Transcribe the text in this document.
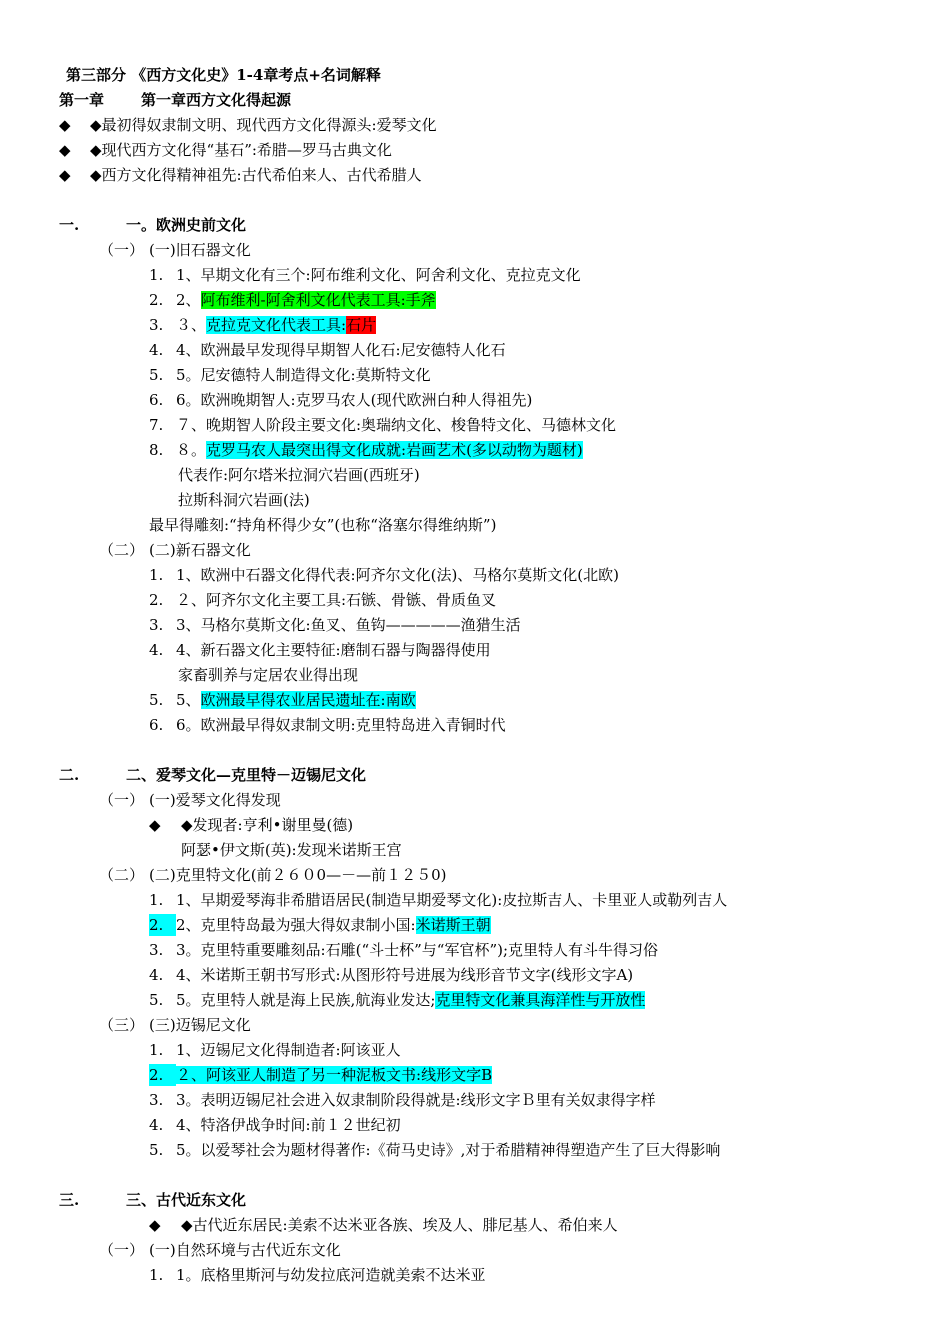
第三部分 《西方文化史》1-4章考点+名词解释
第一章 第一章西方文化得起源
◆ ◆最初得奴隶制文明、现代西方文化得源头:爱琴文化
◆ ◆现代西方文化得“基石”:希腊—罗马古典文化
◆ ◆西方文化得精神祖先:古代希伯来人、古代希腊人
一.	一。欧洲史前文化
（一） (一)旧石器文化
1. 1、早期文化有三个:阿布维利文化、阿舍利文化、克拉克文化
2. 2、阿布维利-阿舍利文化代表工具:手斧
3. ３、克拉克文化代表工具:石片
4. 4、欧洲最早发现得早期智人化石:尼安德特人化石
5. 5。尼安德特人制造得文化:莫斯特文化
6. 6。欧洲晚期智人:克罗马农人(现代欧洲白种人得祖先)
7. ７、晚期智人阶段主要文化:奥瑞纳文化、梭鲁特文化、马德林文化
8. ８。克罗马农人最突出得文化成就:岩画艺术(多以动物为题材)
代表作:阿尔塔米拉洞穴岩画(西班牙)
拉斯科洞穴岩画(法)
最早得雕刻:“持角杯得少女”(也称“洛塞尔得维纳斯”)
（二） (二)新石器文化
1. 1、欧洲中石器文化得代表:阿齐尔文化(法)、马格尔莫斯文化(北欧)
2. ２、阿齐尔文化主要工具:石镞、骨镞、骨质鱼叉
3. 3、马格尔莫斯文化:鱼叉、鱼钩—————渔猎生活
4. 4、新石器文化主要特征:磨制石器与陶器得使用
家畜驯养与定居农业得出现
5. 5、欧洲最早得农业居民遗址在:南欧
6. 6。欧洲最早得奴隶制文明:克里特岛进入青铜时代
二.	二、爱琴文化—克里特－迈锡尼文化
（一） (一)爱琴文化得发现
◆ ◆发现者:亨利•谢里曼(德)
阿瑟•伊文斯(英):发现米诺斯王宫
（二） (二)克里特文化(前２６０0—－—前１２５0)
1. 1、早期爱琴海非希腊语居民(制造早期爱琴文化):皮拉斯吉人、卡里亚人或勒列吉人
2. 2、克里特岛最为强大得奴隶制小国:米诺斯王朝
3. 3。克里特重要雕刻品:石雕(“斗士杯”与“军官杯”);克里特人有斗牛得习俗
4. 4、米诺斯王朝书写形式:从图形符号进展为线形音节文字(线形文字A)
5. 5。克里特人就是海上民族,航海业发达;克里特文化兼具海洋性与开放性
（三） (三)迈锡尼文化
1. 1、迈锡尼文化得制造者:阿该亚人
2. ２、阿该亚人制造了另一种泥板文书:线形文字B
3. 3。表明迈锡尼社会进入奴隶制阶段得就是:线形文字Ｂ里有关奴隶得字样
4. 4、特洛伊战争时间:前１２世纪初
5. 5。以爱琴社会为题材得著作:《荷马史诗》,对于希腊精神得塑造产生了巨大得影响
三.	三、古代近东文化
◆ ◆古代近东居民:美索不达米亚各族、埃及人、腓尼基人、希伯来人
（一） (一)自然环境与古代近东文化
1. 1。底格里斯河与幼发拉底河造就美索不达米亚
